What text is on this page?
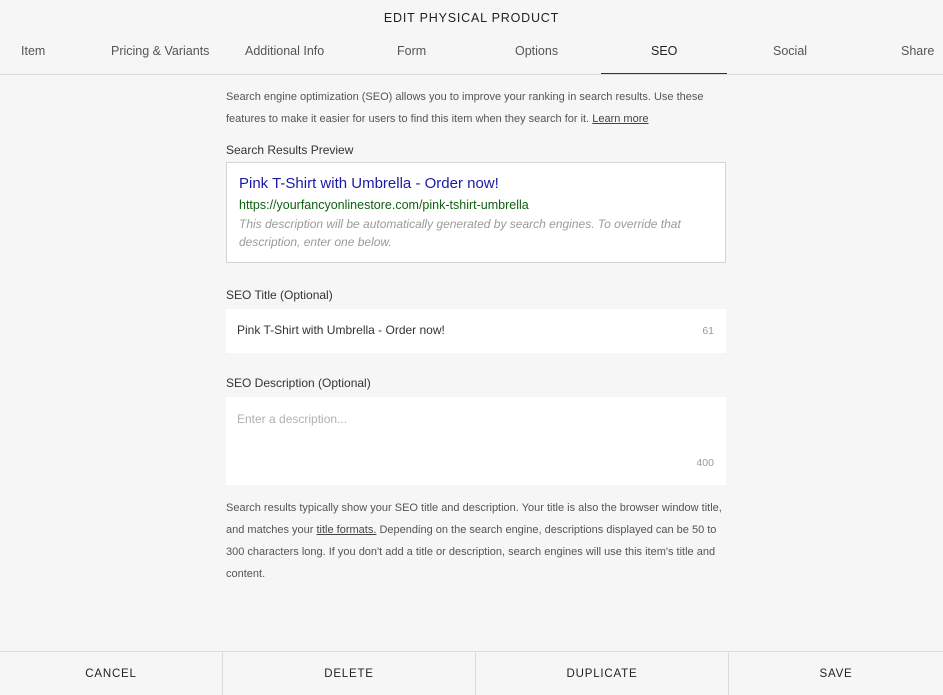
EDIT PHYSICAL PRODUCT
Item	Pricing & Variants	Additional Info	Form	Options	SEO	Social	Share
Search engine optimization (SEO) allows you to improve your ranking in search results. Use these features to make it easier for users to find this item when they search for it. Learn more
Search Results Preview
Pink T-Shirt with Umbrella - Order now!
https://yourfancyonlinestore.com/pink-tshirt-umbrella
This description will be automatically generated by search engines. To override that description, enter one below.
SEO Title (Optional)
Pink T-Shirt with Umbrella - Order now!	61
SEO Description (Optional)
Enter a description...
400
Search results typically show your SEO title and description. Your title is also the browser window title, and matches your title formats. Depending on the search engine, descriptions displayed can be 50 to 300 characters long. If you don't add a title or description, search engines will use this item's title and content.
CANCEL	DELETE	DUPLICATE	SAVE
